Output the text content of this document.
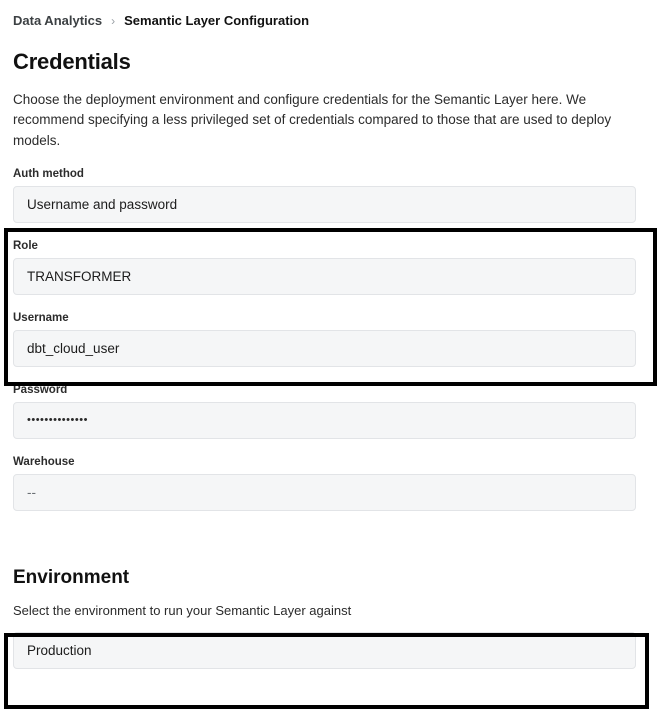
Data Analytics › Semantic Layer Configuration
Credentials

Choose the deployment environment and configure credentials for the Semantic Layer here. We recommend specifying a less privileged set of credentials compared to those that are used to deploy models.

Auth method
Username and password
Role
TRANSFORMER
Username
dbt_cloud_user
Password
••••••••••••••
Warehouse
--
Environment

Select the environment to run your Semantic Layer against

Production
